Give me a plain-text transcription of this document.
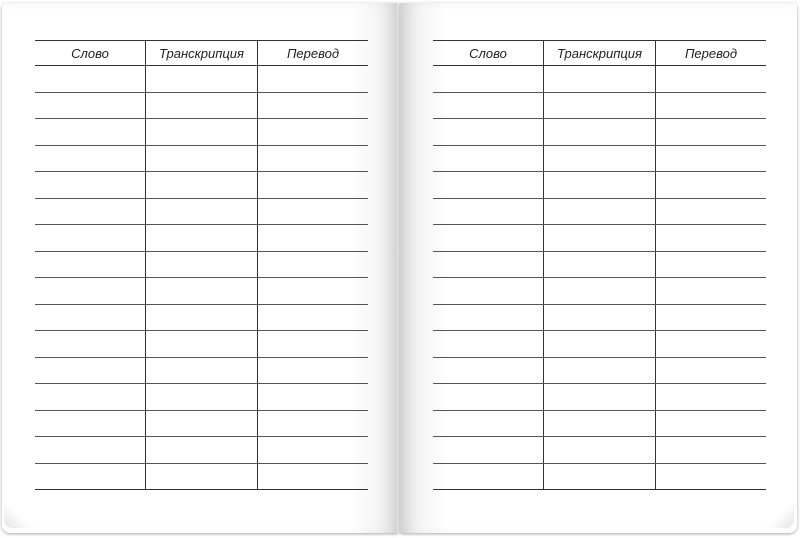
Слово	Транскрипция	Перевод

			Слово	Транскрипция	Перевод
